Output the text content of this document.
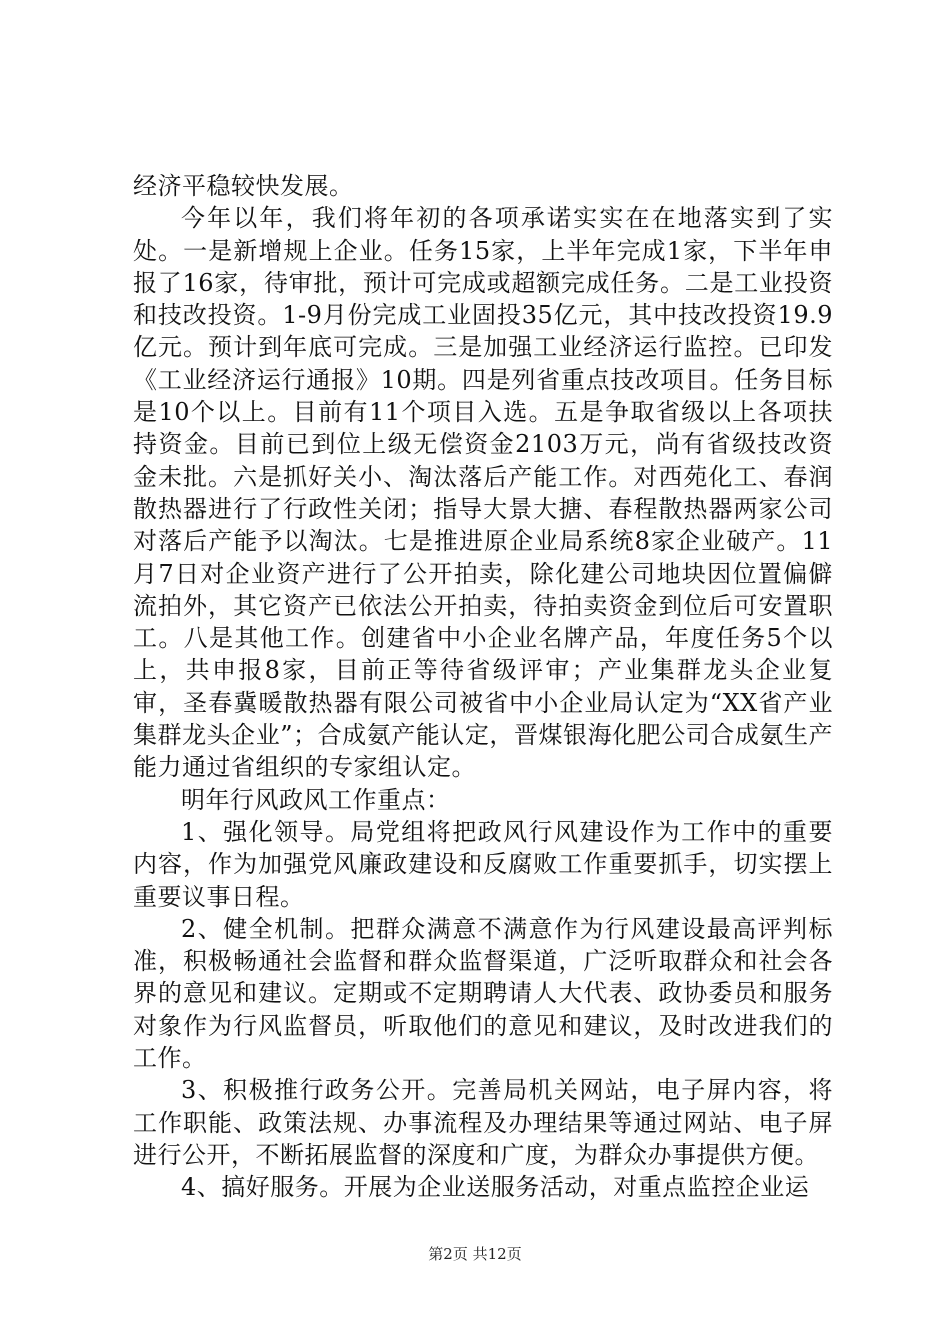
经济平稳较快发展。

今年以年，我们将年初的各项承诺实实在在地落实到了实处。一是新增规上企业。任务15家，上半年完成1家，下半年申报了16家，待审批，预计可完成或超额完成任务。二是工业投资和技改投资。1-9月份完成工业固投35亿元，其中技改投资19.9亿元。预计到年底可完成。三是加强工业经济运行监控。已印发《工业经济运行通报》10期。四是列省重点技改项目。任务目标是10个以上。目前有11个项目入选。五是争取省级以上各项扶持资金。目前已到位上级无偿资金2103万元，尚有省级技改资金未批。六是抓好关小、淘汰落后产能工作。对西苑化工、春润散热器进行了行政性关闭；指导大景大搪、春程散热器两家公司对落后产能予以淘汰。七是推进原企业局系统8家企业破产。11月7日对企业资产进行了公开拍卖，除化建公司地块因位置偏僻流拍外，其它资产已依法公开拍卖，待拍卖资金到位后可安置职工。八是其他工作。创建省中小企业名牌产品，年度任务5个以上，共申报8家，目前正等待省级评审；产业集群龙头企业复审，圣春冀暖散热器有限公司被省中小企业局认定为“XX省产业集群龙头企业”；合成氨产能认定，晋煤银海化肥公司合成氨生产能力通过省组织的专家组认定。

明年行风政风工作重点：

1、强化领导。局党组将把政风行风建设作为工作中的重要内容，作为加强党风廉政建设和反腐败工作重要抓手，切实摆上重要议事日程。

2、健全机制。把群众满意不满意作为行风建设最高评判标准，积极畅通社会监督和群众监督渠道，广泛听取群众和社会各界的意见和建议。定期或不定期聘请人大代表、政协委员和服务对象作为行风监督员，听取他们的意见和建议，及时改进我们的工作。

3、积极推行政务公开。完善局机关网站，电子屏内容，将工作职能、政策法规、办事流程及办理结果等通过网站、电子屏进行公开，不断拓展监督的深度和广度，为群众办事提供方便。

4、搞好服务。开展为企业送服务活动，对重点监控企业运

第2页 共12页
